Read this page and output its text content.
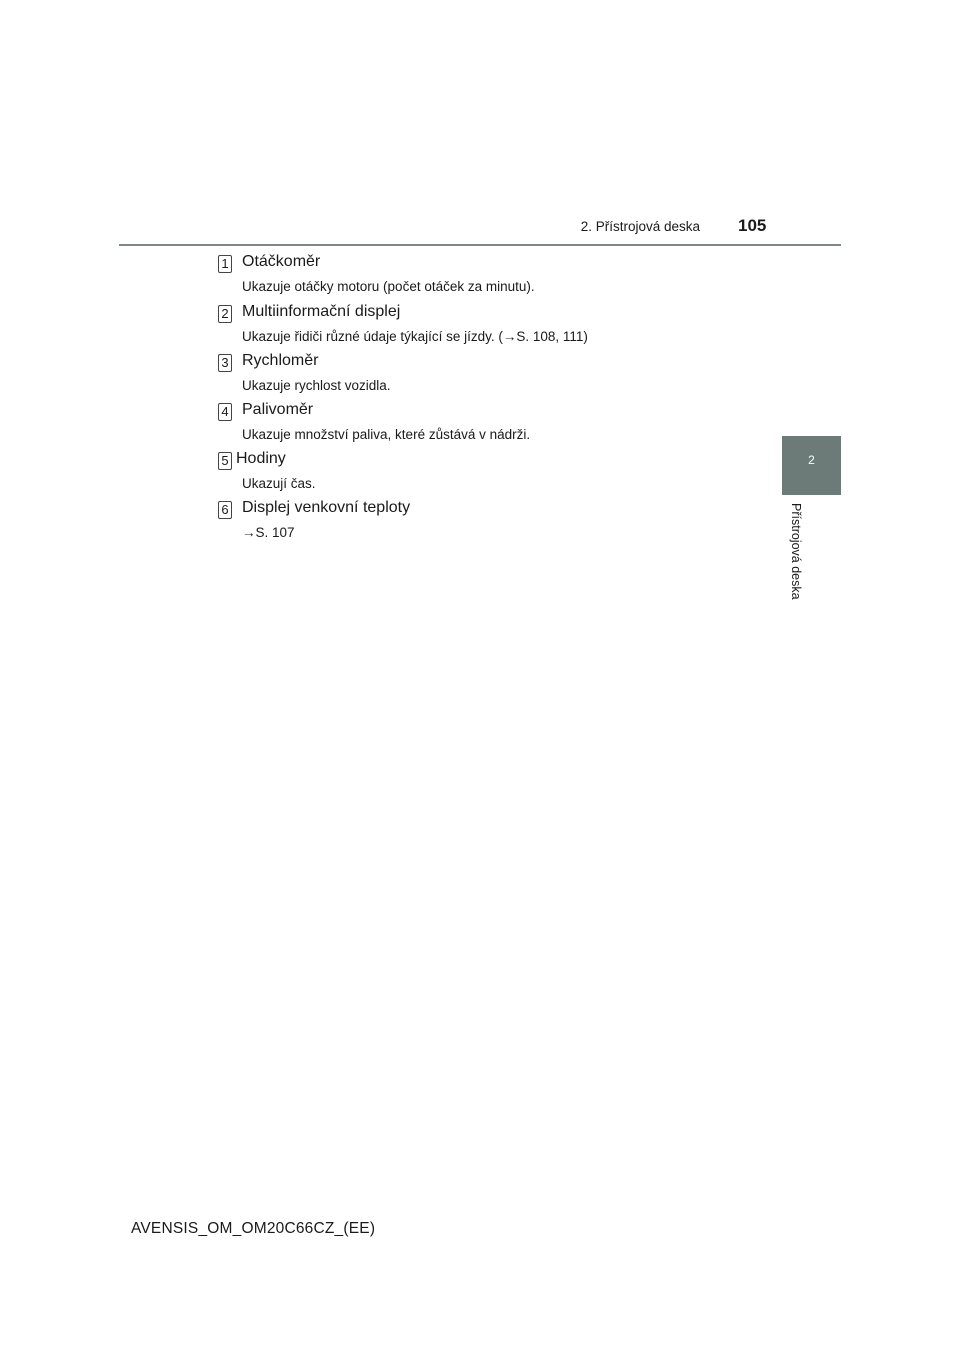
2. Přístrojová deska 105
2
Přístrojová deska
1 Otáčkoměr
Ukazuje otáčky motoru (počet otáček za minutu).
2 Multiinformační displej
Ukazuje řidiči různé údaje týkající se jízdy. (→S. 108, 111)
3 Rychloměr
Ukazuje rychlost vozidla.
4 Palivoměr
Ukazuje množství paliva, které zůstává v nádrži.
5 Hodiny
Ukazují čas.
6 Displej venkovní teploty
→S. 107
AVENSIS_OM_OM20C66CZ_(EE)
